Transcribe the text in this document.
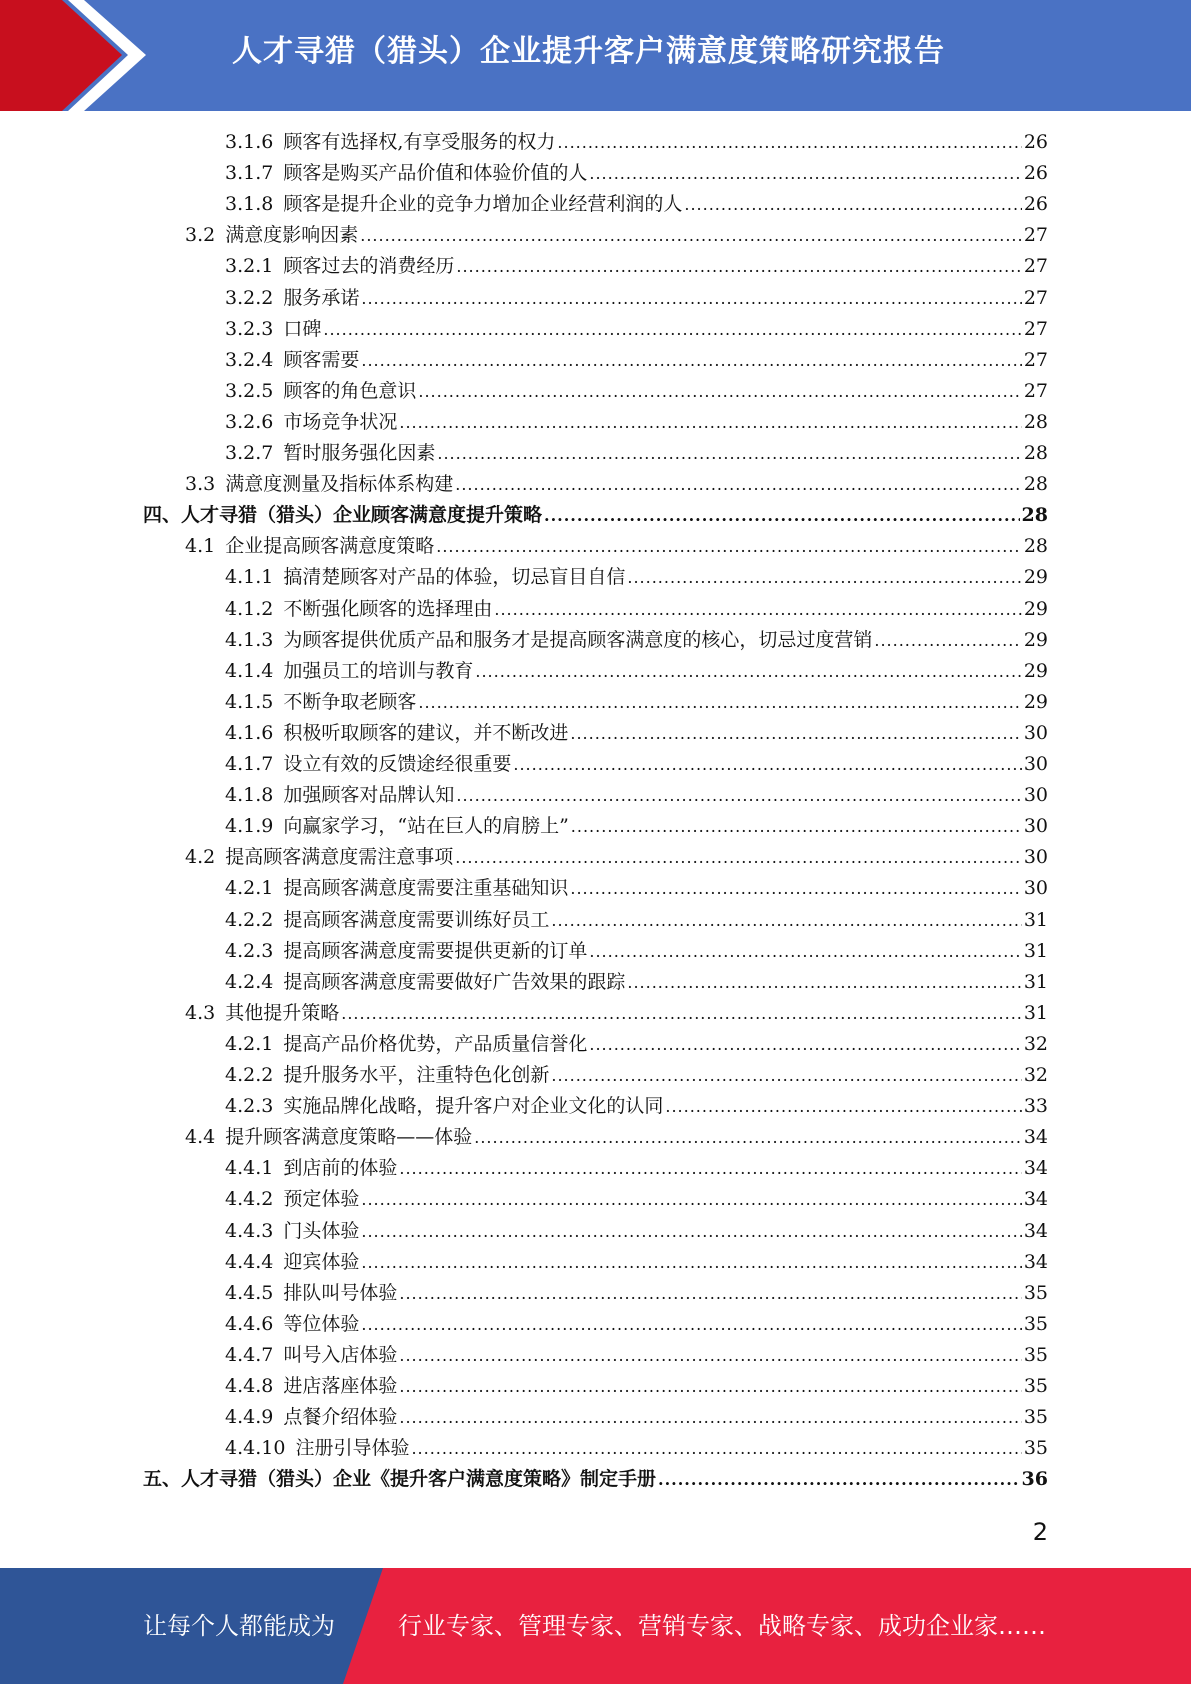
人才寻猎（猎头）企业提升客户满意度策略研究报告
3.1.6 顾客有选择权,有享受服务的权力 .....	26
3.1.7 顾客是购买产品价值和体验价值的人 .....	26
3.1.8 顾客是提升企业的竞争力增加企业经营利润的人 .....	26
3.2 满意度影响因素 .....	27
3.2.1 顾客过去的消费经历 .....	27
3.2.2 服务承诺 .....	27
3.2.3 口碑 .....	27
3.2.4 顾客需要 .....	27
3.2.5 顾客的角色意识 .....	27
3.2.6 市场竞争状况 .....	28
3.2.7 暂时服务强化因素 .....	28
3.3 满意度测量及指标体系构建 .....	28
四、人才寻猎（猎头）企业顾客满意度提升策略 .....	28
4.1 企业提高顾客满意度策略 .....	28
4.1.1 搞清楚顾客对产品的体验，切忌盲目自信 .....	29
4.1.2 不断强化顾客的选择理由 .....	29
4.1.3 为顾客提供优质产品和服务才是提高顾客满意度的核心，切忌过度营销 .....	29
4.1.4 加强员工的培训与教育 .....	29
4.1.5 不断争取老顾客 .....	29
4.1.6 积极听取顾客的建议，并不断改进 .....	30
4.1.7 设立有效的反馈途经很重要 .....	30
4.1.8 加强顾客对品牌认知 .....	30
4.1.9 向赢家学习，“站在巨人的肩膀上” .....	30
4.2 提高顾客满意度需注意事项 .....	30
4.2.1 提高顾客满意度需要注重基础知识 .....	30
4.2.2 提高顾客满意度需要训练好员工 .....	31
4.2.3 提高顾客满意度需要提供更新的订单 .....	31
4.2.4 提高顾客满意度需要做好广告效果的跟踪 .....	31
4.3 其他提升策略 .....	31
4.2.1 提高产品价格优势，产品质量信誉化 .....	32
4.2.2 提升服务水平，注重特色化创新 .....	32
4.2.3 实施品牌化战略，提升客户对企业文化的认同 .....	33
4.4 提升顾客满意度策略——体验 .....	34
4.4.1 到店前的体验 .....	34
4.4.2 预定体验 .....	34
4.4.3 门头体验 .....	34
4.4.4 迎宾体验 .....	34
4.4.5 排队叫号体验 .....	35
4.4.6 等位体验 .....	35
4.4.7 叫号入店体验 .....	35
4.4.8 进店落座体验 .....	35
4.4.9 点餐介绍体验 .....	35
4.4.10 注册引导体验 .....	35
五、人才寻猎（猎头）企业《提升客户满意度策略》制定手册 .....	36
2
让每个人都能成为	行业专家、管理专家、营销专家、战略专家、成功企业家……
